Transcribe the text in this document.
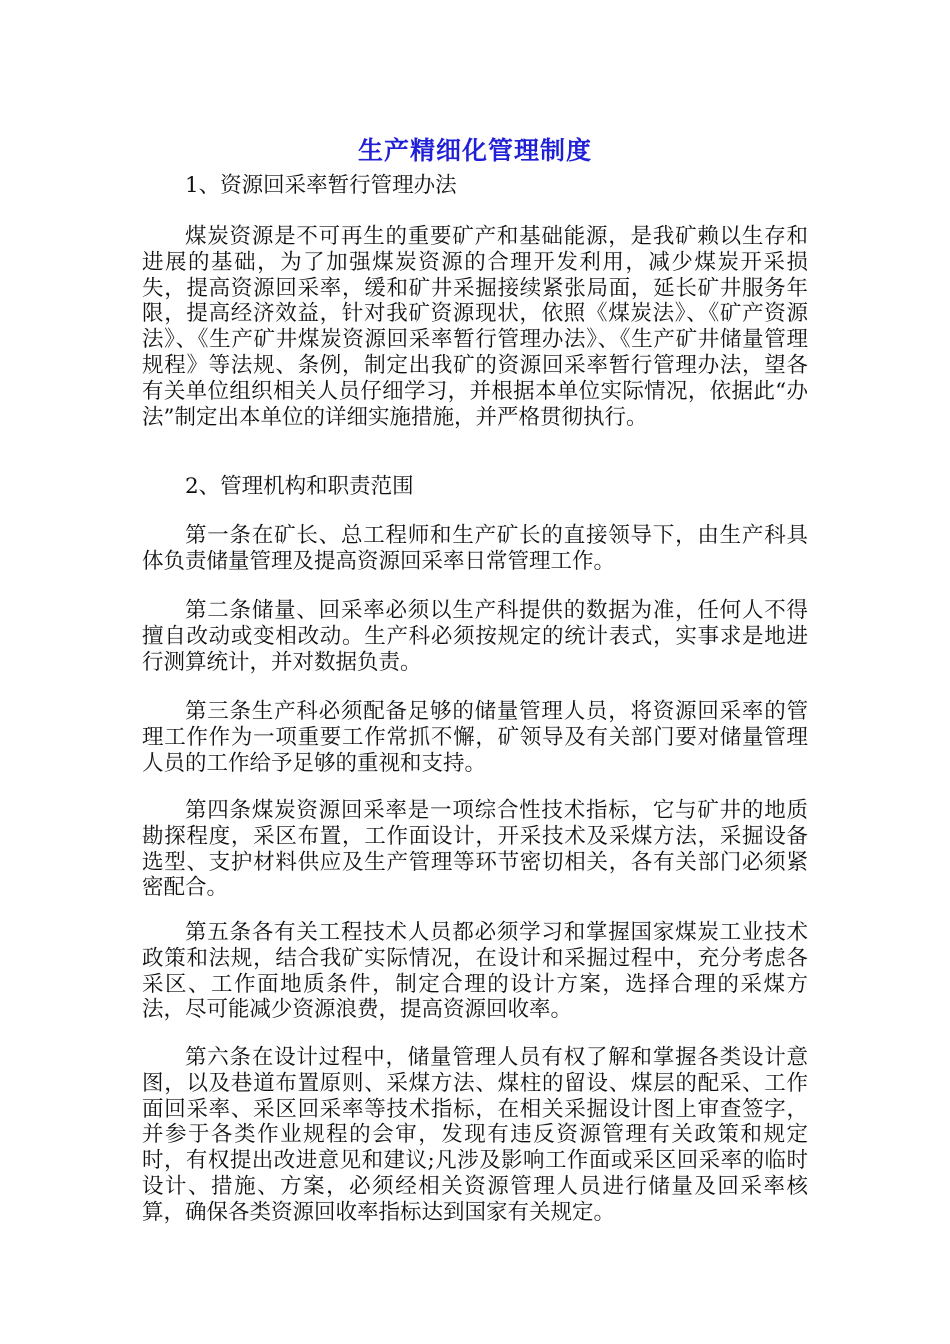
生产精细化管理制度

1、资源回采率暂行管理办法

煤炭资源是不可再生的重要矿产和基础能源，是我矿赖以生存和进展的基础，为了加强煤炭资源的合理开发利用，减少煤炭开采损失，提高资源回采率，缓和矿井采掘接续紧张局面，延长矿井服务年限，提高经济效益，针对我矿资源现状，依照《煤炭法》、《矿产资源法》、《生产矿井煤炭资源回采率暂行管理办法》、《生产矿井储量管理规程》等法规、条例，制定出我矿的资源回采率暂行管理办法，望各有关单位组织相关人员仔细学习，并根据本单位实际情况，依据此“办法”制定出本单位的详细实施措施，并严格贯彻执行。

2、管理机构和职责范围

第一条在矿长、总工程师和生产矿长的直接领导下，由生产科具体负责储量管理及提高资源回采率日常管理工作。

第二条储量、回采率必须以生产科提供的数据为准，任何人不得擅自改动或变相改动。生产科必须按规定的统计表式，实事求是地进行测算统计，并对数据负责。

第三条生产科必须配备足够的储量管理人员，将资源回采率的管理工作作为一项重要工作常抓不懈，矿领导及有关部门要对储量管理人员的工作给予足够的重视和支持。

第四条煤炭资源回采率是一项综合性技术指标，它与矿井的地质勘探程度，采区布置，工作面设计，开采技术及采煤方法，采掘设备选型、支护材料供应及生产管理等环节密切相关，各有关部门必须紧密配合。

第五条各有关工程技术人员都必须学习和掌握国家煤炭工业技术政策和法规，结合我矿实际情况，在设计和采掘过程中，充分考虑各采区、工作面地质条件，制定合理的设计方案，选择合理的采煤方法，尽可能减少资源浪费，提高资源回收率。

第六条在设计过程中，储量管理人员有权了解和掌握各类设计意图，以及巷道布置原则、采煤方法、煤柱的留设、煤层的配采、工作面回采率、采区回采率等技术指标，在相关采掘设计图上审查签字，并参于各类作业规程的会审，发现有违反资源管理有关政策和规定时，有权提出改进意见和建议;凡涉及影响工作面或采区回采率的临时设计、措施、方案，必须经相关资源管理人员进行储量及回采率核算，确保各类资源回收率指标达到国家有关规定。
